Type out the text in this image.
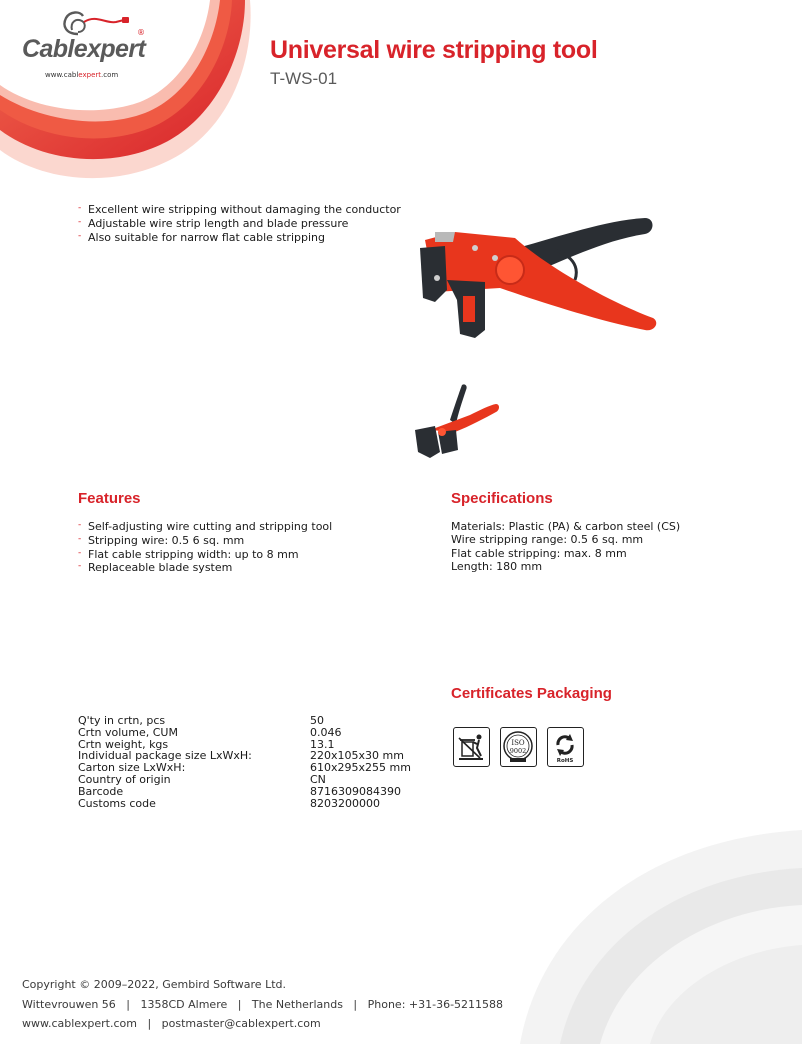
Cablexpert
®
www.cablexpert.com
Universal wire stripping tool
T-WS-01
- Excellent wire stripping without damaging the conductor
- Adjustable wire strip length and blade pressure
- Also suitable for narrow flat cable stripping
Features
- Self-adjusting wire cutting and stripping tool
- Stripping wire: 0.5 6 sq. mm
- Flat cable stripping width: up to 8 mm
- Replaceable blade system
Specifications
Materials: Plastic (PA) & carbon steel (CS)
Wire stripping range: 0.5 6 sq. mm
Flat cable stripping: max. 8 mm
Length: 180 mm
Certificates Packaging
ISO
9002
RoHS
Q'ty in crtn, pcs	50
Crtn volume, CUM	0.046
Crtn weight, kgs	13.1
Individual package size LxWxH:	220x105x30 mm
Carton size LxWxH:	610x295x255 mm
Country of origin	CN
Barcode	8716309084390
Customs code	8203200000
Copyright © 2009–2022, Gembird Software Ltd.
Wittevrouwen 56   |   1358CD Almere   |   The Netherlands   |   Phone: +31-36-5211588
www.cablexpert.com   |   postmaster@cablexpert.com
